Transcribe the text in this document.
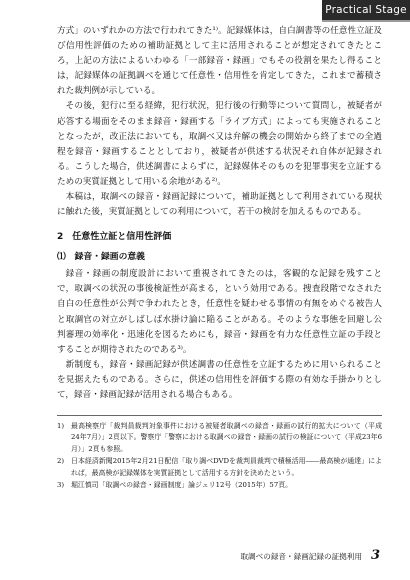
Practical Stage

方式」のいずれかの方法で行われてきた¹⁾。記録媒体は，自白調書等の任意性立証及び信用性評価のための補助証拠として主に活用されることが想定されてきたところ，上記の方法によるいわゆる「一部録音・録画」でもその役割を果たし得ることは，記録媒体の証拠調べを通じて任意性・信用性を肯定してきた，これまで蓄積された裁判例が示している。

その後，犯行に至る経緯，犯行状況，犯行後の行動等について質問し，被疑者が応答する場面をそのまま録音・録画する「ライブ方式」によっても実施されることとなったが，改正法においても，取調べ又は弁解の機会の開始から終了までの全過程を録音・録画することとしており，被疑者が供述する状況それ自体が記録される。こうした場合，供述調書によらずに，記録媒体そのものを犯罪事実を立証するための実質証拠として用いる余地がある²⁾。

本稿は，取調べの録音・録画記録について，補助証拠として利用されている現状に触れた後，実質証拠としての利用について，若干の検討を加えるものである。

2　任意性立証と信用性評価
⑴　録音・録画の意義

録音・録画の制度設計において重視されてきたのは，客観的な記録を残すことで，取調べの状況の事後検証性が高まる，という効用である。捜査段階でなされた自白の任意性が公判で争われたとき，任意性を疑わせる事情の有無をめぐる被告人と取調官の対立がしばしば水掛け論に陥ることがある。そのような事態を回避し公判審理の効率化・迅速化を図るためにも，録音・録画を有力な任意性立証の手段とすることが期待されたのである³⁾。

新制度も，録音・録画記録が供述調書の任意性を立証するために用いられることを見据えたものである。さらに，供述の信用性を評価する際の有効な手掛かりとして，録音・録画記録が活用される場合もある。

1)	最高検察庁「裁判員裁判対象事件における被疑者取調べの録音・録画の試行的拡大について（平成24年7月）」2頁以下。警察庁「警察における取調べの録音・録画の試行の検証について（平成23年6月）」2頁も参照。
2)	日本経済新聞2015年2月21日配信「取り調べDVDを裁判員裁判で積極活用――最高検が通達」によれば，最高検が記録媒体を実質証拠として活用する方針を決めたという。
3)	堀江慎司「取調べの録音・録画制度」論ジュリ12号（2015年）57頁。
取調べの録音・録画記録の証拠利用 3
